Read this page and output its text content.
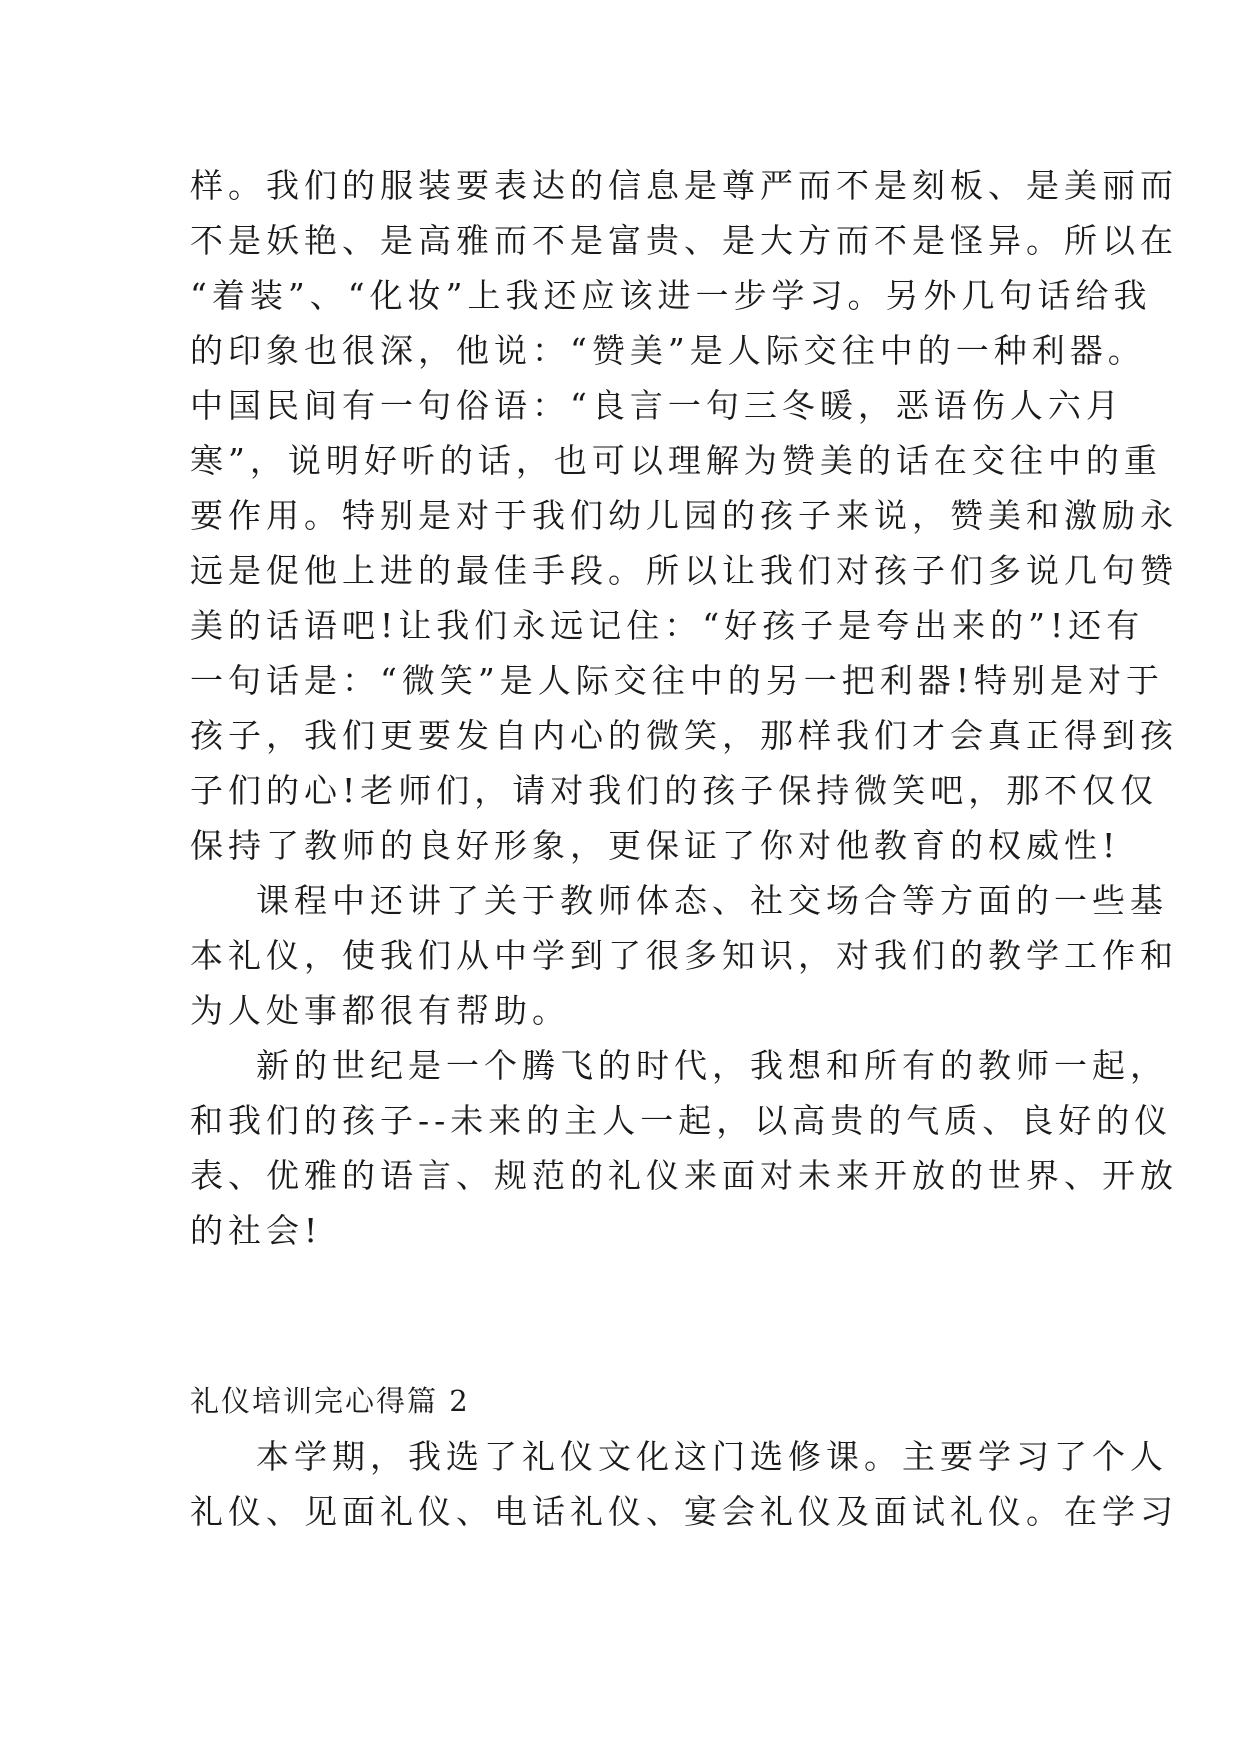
样。我们的服装要表达的信息是尊严而不是刻板、是美丽而
不是妖艳、是高雅而不是富贵、是大方而不是怪异。所以在
“着装”、“化妆”上我还应该进一步学习。另外几句话给我
的印象也很深，他说：“赞美”是人际交往中的一种利器。
中国民间有一句俗语：“良言一句三冬暖，恶语伤人六月
寒”，说明好听的话，也可以理解为赞美的话在交往中的重
要作用。特别是对于我们幼儿园的孩子来说，赞美和激励永
远是促他上进的最佳手段。所以让我们对孩子们多说几句赞
美的话语吧!让我们永远记住：“好孩子是夸出来的”!还有
一句话是：“微笑”是人际交往中的另一把利器!特别是对于
孩子，我们更要发自内心的微笑，那样我们才会真正得到孩
子们的心!老师们，请对我们的孩子保持微笑吧，那不仅仅
保持了教师的良好形象，更保证了你对他教育的权威性!
课程中还讲了关于教师体态、社交场合等方面的一些基
本礼仪，使我们从中学到了很多知识，对我们的教学工作和
为人处事都很有帮助。
新的世纪是一个腾飞的时代，我想和所有的教师一起，
和我们的孩子--未来的主人一起，以高贵的气质、良好的仪
表、优雅的语言、规范的礼仪来面对未来开放的世界、开放
的社会!
礼仪培训完心得篇 2
本学期，我选了礼仪文化这门选修课。主要学习了个人
礼仪、见面礼仪、电话礼仪、宴会礼仪及面试礼仪。在学习
